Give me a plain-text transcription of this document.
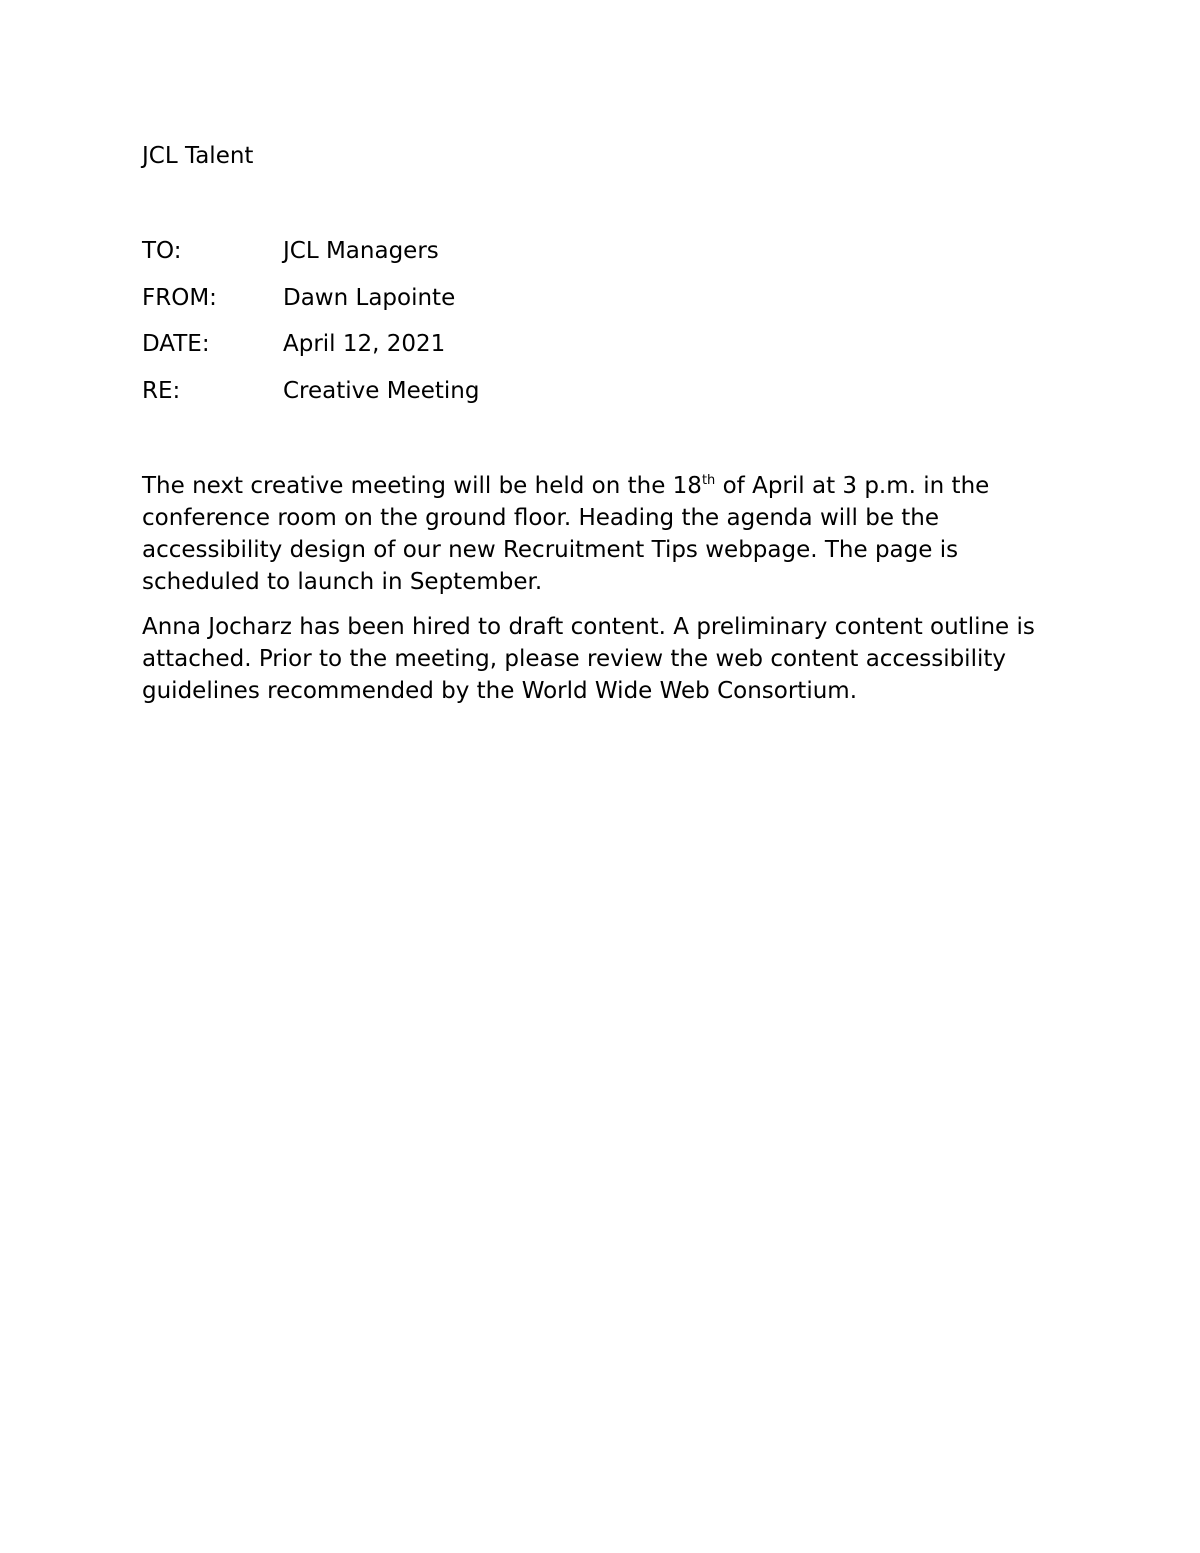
JCL Talent
TO:	JCL Managers
FROM:	Dawn Lapointe
DATE:	April 12, 2021
RE:	Creative Meeting

The next creative meeting will be held on the 18th of April at 3 p.m. in the conference room on the ground floor. Heading the agenda will be the accessibility design of our new Recruitment Tips webpage. The page is scheduled to launch in September.

Anna Jocharz has been hired to draft content. A preliminary content outline is attached. Prior to the meeting, please review the web content accessibility guidelines recommended by the World Wide Web Consortium.
